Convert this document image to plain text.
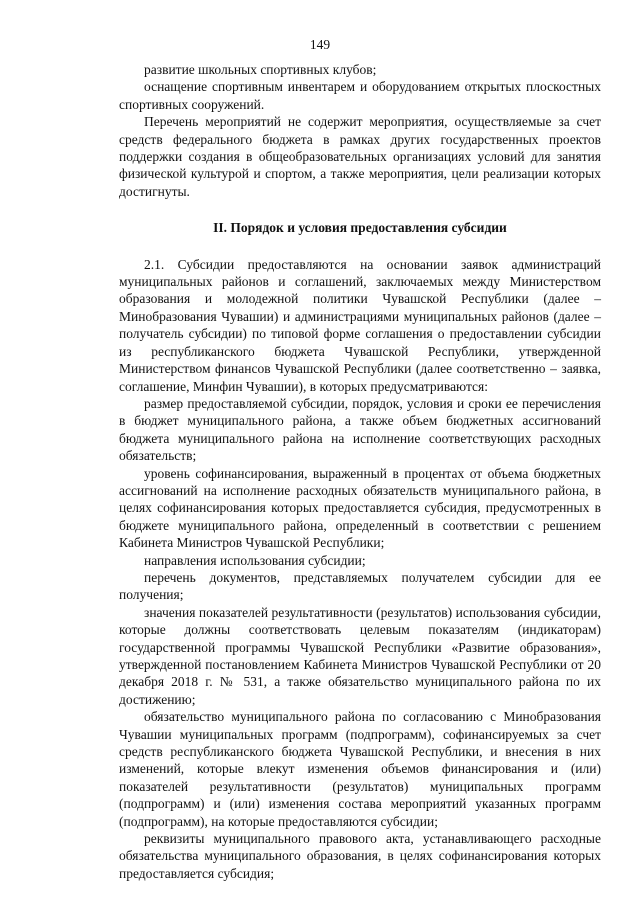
149

развитие школьных спортивных клубов;

оснащение спортивным инвентарем и оборудованием открытых плоскостных спортивных сооружений.

Перечень мероприятий не содержит мероприятия, осуществляемые за счет средств федерального бюджета в рамках других государственных проектов поддержки создания в общеобразовательных организациях условий для занятия физической культурой и спортом, а также мероприятия, цели реализации которых достигнуты.

II. Порядок и условия предоставления субсидии

2.1. Субсидии предоставляются на основании заявок администраций муниципальных районов и соглашений, заключаемых между Министерством образования и молодежной политики Чувашской Республики (далее – Минобразования Чувашии) и администрациями муниципальных районов (далее – получатель субсидии) по типовой форме соглашения о предоставлении субсидии из республиканского бюджета Чувашской Республики, утвержденной Министерством финансов Чувашской Республики (далее соответственно – заявка, соглашение, Минфин Чувашии), в которых предусматриваются:

размер предоставляемой субсидии, порядок, условия и сроки ее перечисления в бюджет муниципального района, а также объем бюджетных ассигнований бюджета муниципального района на исполнение соответствующих расходных обязательств;

уровень софинансирования, выраженный в процентах от объема бюджетных ассигнований на исполнение расходных обязательств муниципального района, в целях софинансирования которых предоставляется субсидия, предусмотренных в бюджете муниципального района, определенный в соответствии с решением Кабинета Министров Чувашской Республики;

направления использования субсидии;

перечень документов, представляемых получателем субсидии для ее получения;

значения показателей результативности (результатов) использования субсидии, которые должны соответствовать целевым показателям (индикаторам) государственной программы Чувашской Республики «Развитие образования», утвержденной постановлением Кабинета Министров Чувашской Республики от 20 декабря 2018 г. № 531, а также обязательство муниципального района по их достижению;

обязательство муниципального района по согласованию с Минобразования Чувашии муниципальных программ (подпрограмм), софинансируемых за счет средств республиканского бюджета Чувашской Республики, и внесения в них изменений, которые влекут изменения объемов финансирования и (или) показателей результативности (результатов) муниципальных программ (подпрограмм) и (или) изменения состава мероприятий указанных программ (подпрограмм), на которые предоставляются субсидии;

реквизиты муниципального правового акта, устанавливающего расходные обязательства муниципального образования, в целях софинансирования которых предоставляется субсидия;
